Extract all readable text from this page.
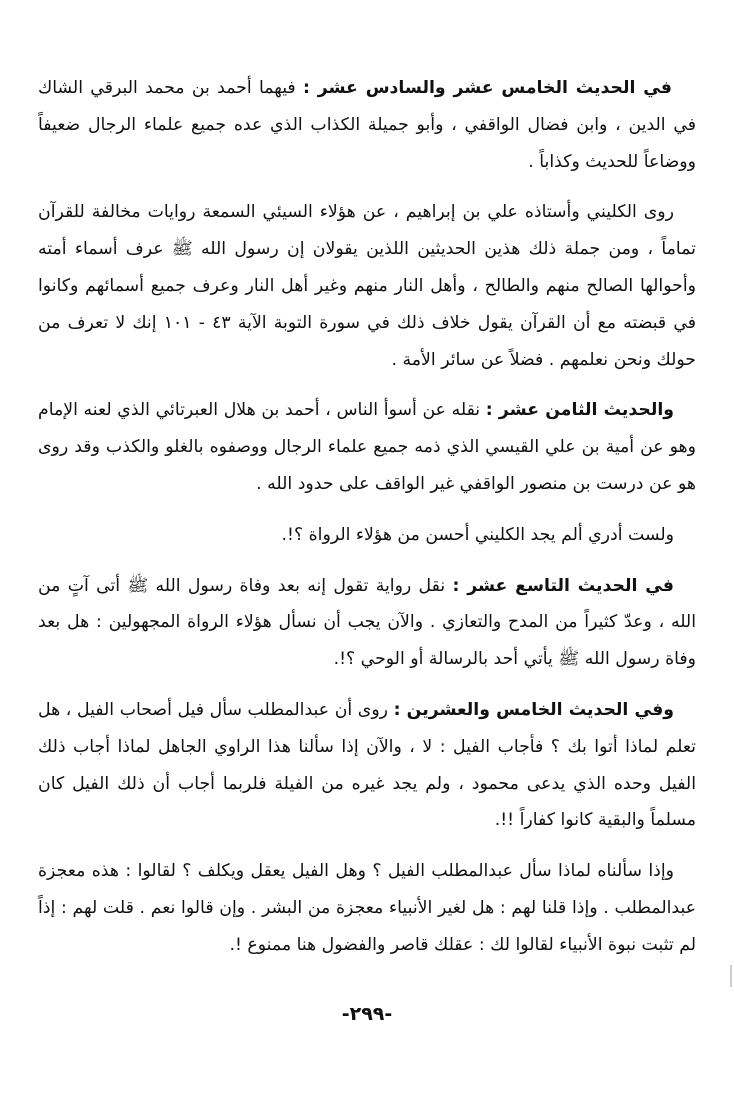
في الحديث الخامس عشر والسادس عشر : فيهما أحمد بن محمد البرقي الشاك في الدين ، وابن فضال الواقفي ، وأبو جميلة الكذاب الذي عده جميع علماء الرجال ضعيفاً ووضاعاً للحديث وكذاباً .

روى الكليني وأستاذه علي بن إبراهيم ، عن هؤلاء السيئي السمعة روايات مخالفة للقرآن تماماً ، ومن جملة ذلك هذين الحديثين اللذين يقولان إن رسول الله ﷺ عرف أسماء أمته وأحوالها الصالح منهم والطالح ، وأهل النار منهم وغير أهل النار وعرف جميع أسمائهم وكانوا في قبضته مع أن القرآن يقول خلاف ذلك في سورة التوبة الآية ٤٣ - ١٠١ إنك لا تعرف من حولك ونحن نعلمهم . فضلاً عن سائر الأمة .

والحديث الثامن عشر : نقله عن أسوأ الناس ، أحمد بن هلال العبرتائي الذي لعنه الإمام وهو عن أمية بن علي القيسي الذي ذمه جميع علماء الرجال ووصفوه بالغلو والكذب وقد روى هو عن درست بن منصور الواقفي غير الواقف على حدود الله .

ولست أدري ألم يجد الكليني أحسن من هؤلاء الرواة ؟!.

في الحديث التاسع عشر : نقل رواية تقول إنه بعد وفاة رسول الله ﷺ أتى آتٍ من الله ، وعدّ كثيراً من المدح والتعازي . والآن يجب أن نسأل هؤلاء الرواة المجهولين : هل بعد وفاة رسول الله ﷺ يأتي أحد بالرسالة أو الوحي ؟!.

وفي الحديث الخامس والعشرين : روى أن عبدالمطلب سأل فيل أصحاب الفيل ، هل تعلم لماذا أتوا بك ؟ فأجاب الفيل : لا ، والآن إذا سألنا هذا الراوي الجاهل لماذا أجاب ذلك الفيل وحده الذي يدعى محمود ، ولم يجد غيره من الفيلة فلربما أجاب أن ذلك الفيل كان مسلماً والبقية كانوا كفاراً !!.

وإذا سألناه لماذا سأل عبدالمطلب الفيل ؟ وهل الفيل يعقل ويكلف ؟ لقالوا : هذه معجزة عبدالمطلب . وإذا قلنا لهم : هل لغير الأنبياء معجزة من البشر . وإن قالوا نعم . قلت لهم : إذاً لم تثبت نبوة الأنبياء لقالوا لك : عقلك قاصر والفضول هنا ممنوع !.

-٢٩٩-
